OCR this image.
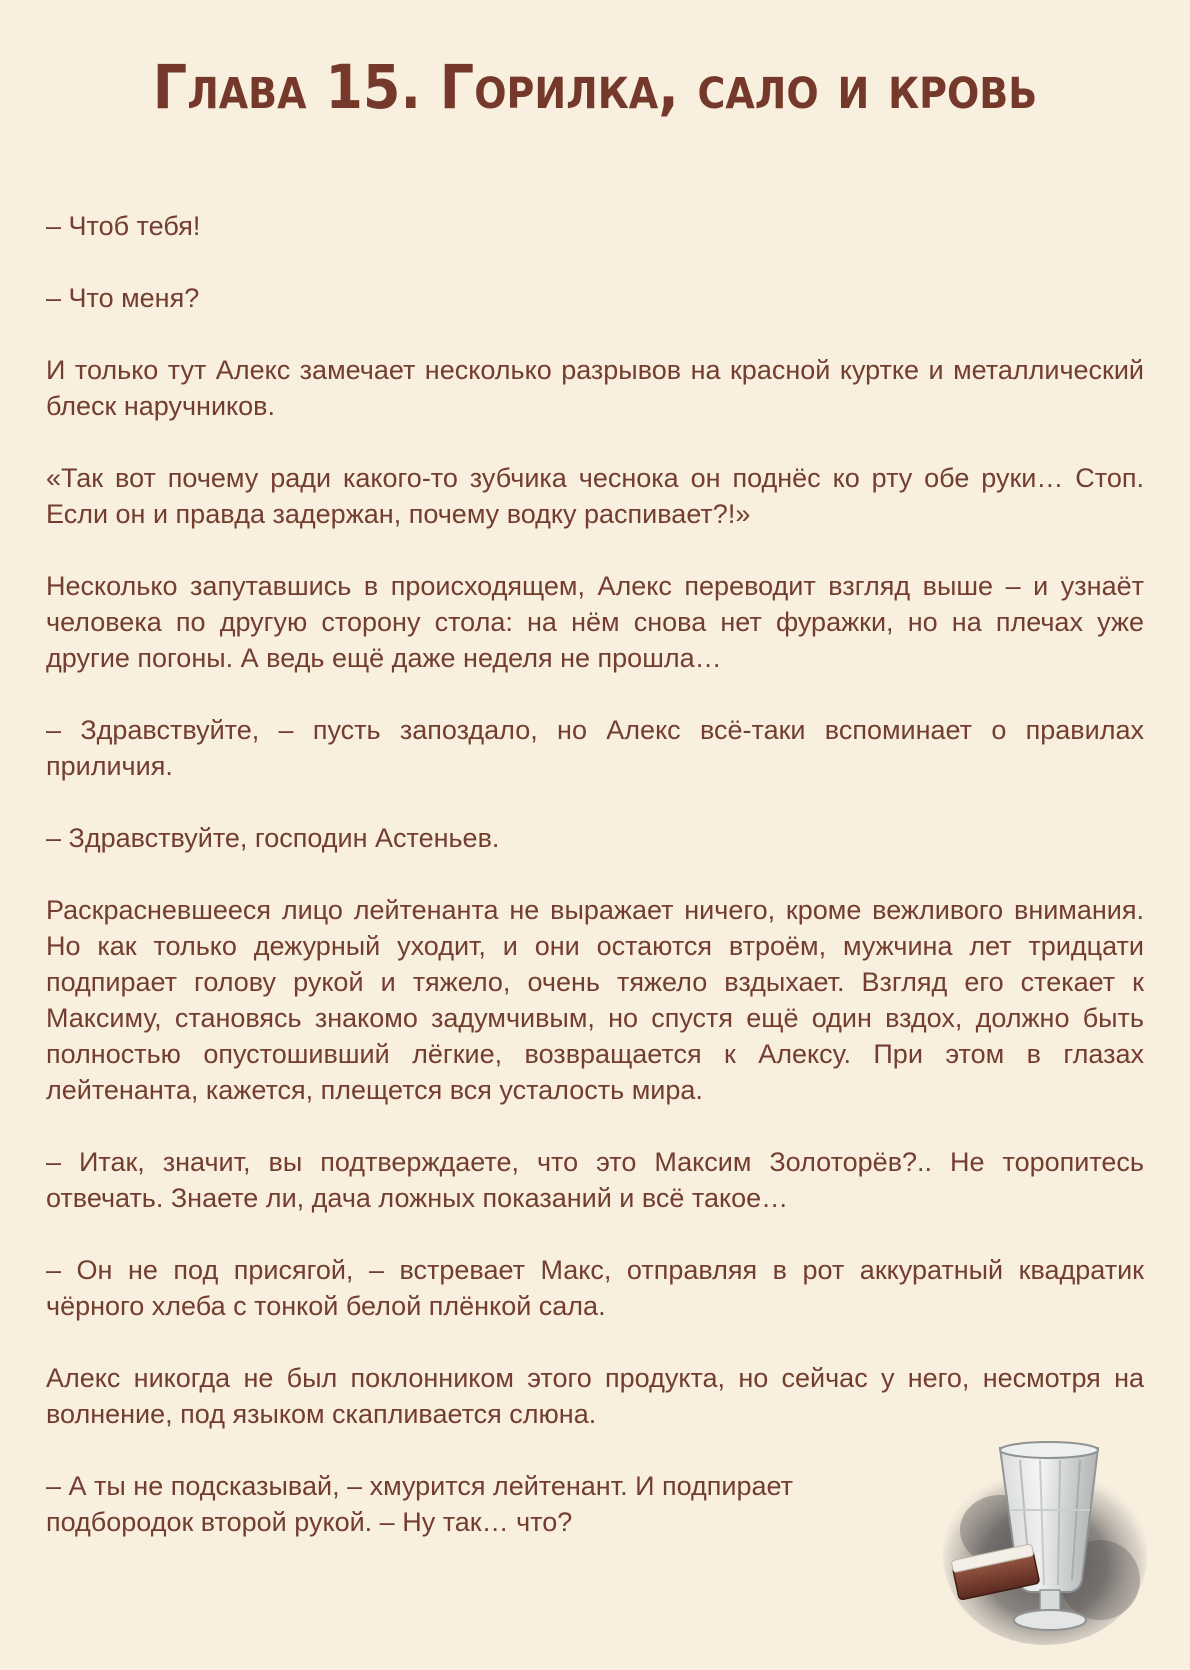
Глава 15. Горилка, сало и кровь

– Чтоб тебя!

– Что меня?

И только тут Алекс замечает несколько разрывов на красной куртке и металлический блеск наручников.

«Так вот почему ради какого-то зубчика чеснока он поднёс ко рту обе руки… Стоп. Если он и правда задержан, почему водку распивает?!»

Несколько запутавшись в происходящем, Алекс переводит взгляд выше – и узнаёт человека по другую сторону стола: на нём снова нет фуражки, но на плечах уже другие погоны. А ведь ещё даже неделя не прошла…

– Здравствуйте, – пусть запоздало, но Алекс всё-таки вспоминает о правилах приличия.

– Здравствуйте, господин Астеньев.

Раскрасневшееся лицо лейтенанта не выражает ничего, кроме вежливого внимания. Но как только дежурный уходит, и они остаются втроём, мужчина лет тридцати подпирает голову рукой и тяжело, очень тяжело вздыхает. Взгляд его стекает к Максиму, становясь знакомо задумчивым, но спустя ещё один вздох, должно быть полностью опустошивший лёгкие, возвращается к Алексу. При этом в глазах лейтенанта, кажется, плещется вся усталость мира.

– Итак, значит, вы подтверждаете, что это Максим Золоторёв?.. Не торопитесь отвечать. Знаете ли, дача ложных показаний и всё такое…

– Он не под присягой, – встревает Макс, отправляя в рот аккуратный квадратик чёрного хлеба с тонкой белой плёнкой сала.

Алекс никогда не был поклонником этого продукта, но сейчас у него, несмотря на волнение, под языком скапливается слюна.

– А ты не подсказывай, – хмурится лейтенант. И подпирает подбородок второй рукой. – Ну так… что?
